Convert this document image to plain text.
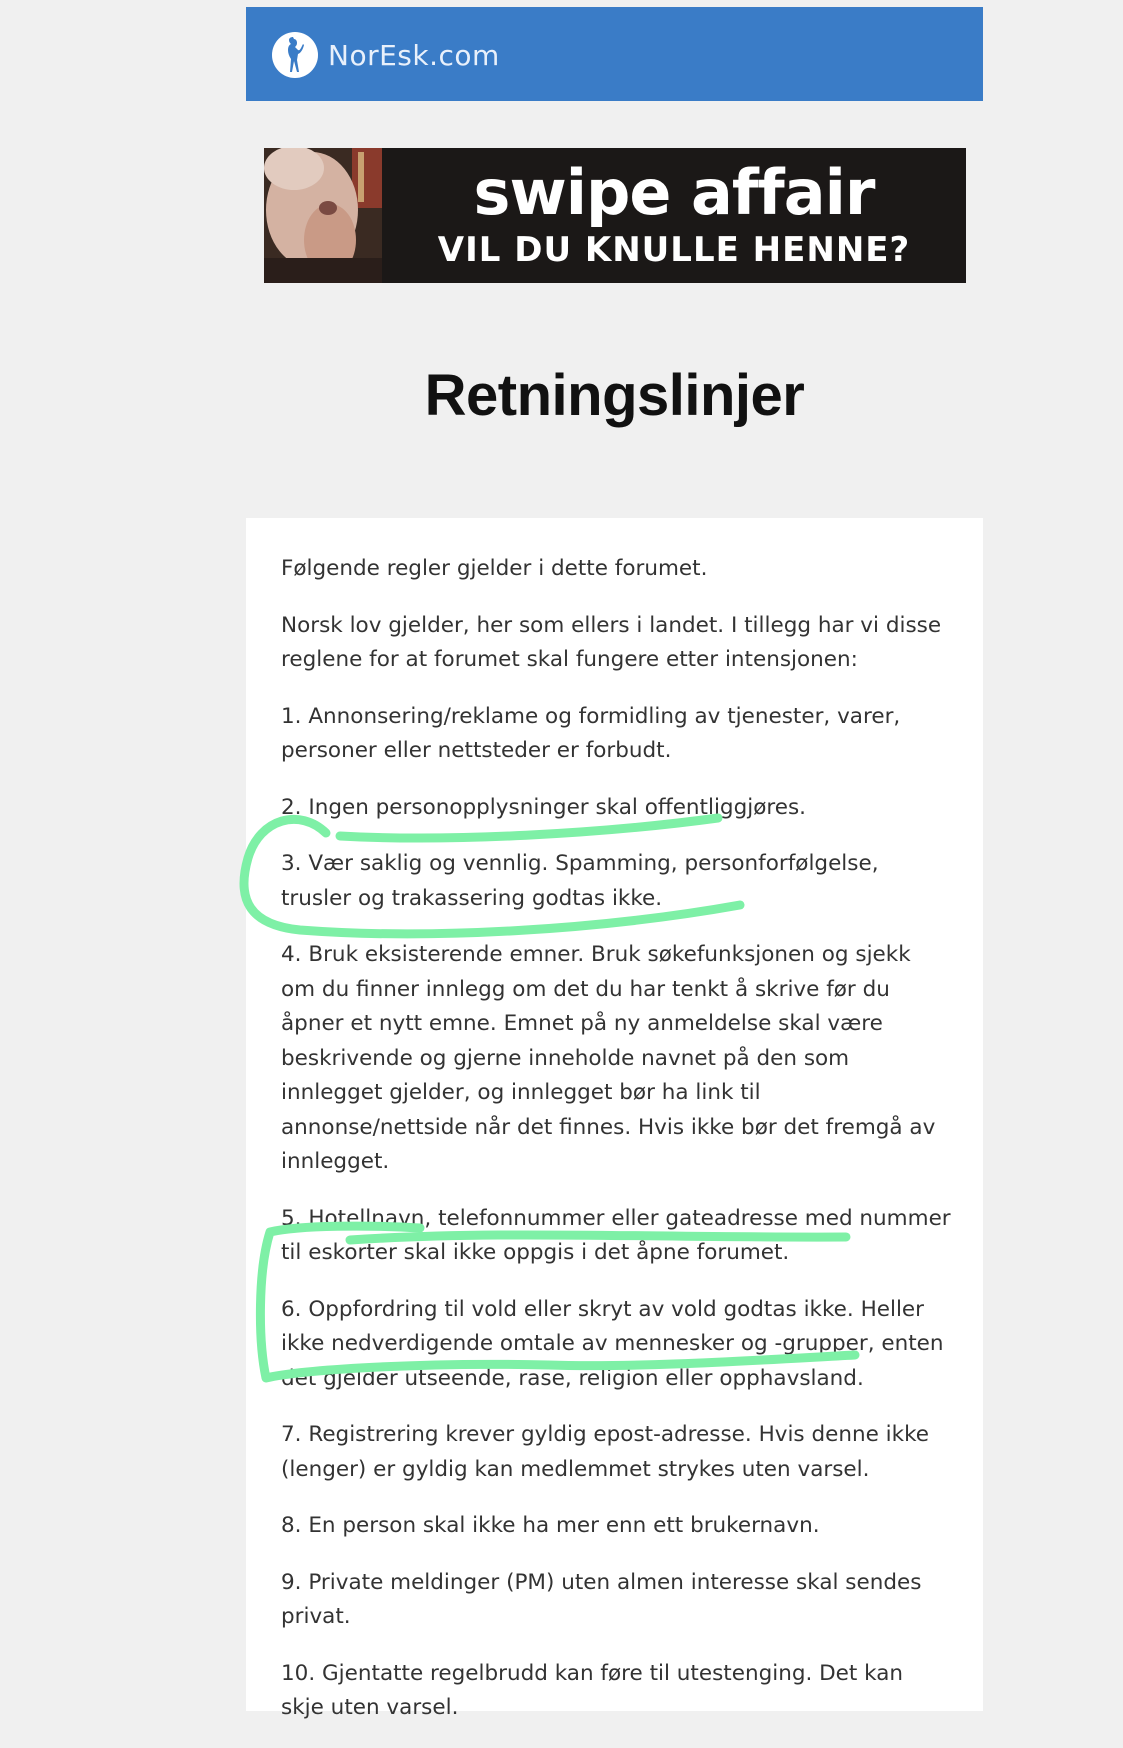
NorEsk.com
swipe affair
VIL DU KNULLE HENNE?
Retningslinjer

Følgende regler gjelder i dette forumet.

Norsk lov gjelder, her som ellers i landet. I tillegg har vi disse reglene for at forumet skal fungere etter intensjonen:

1. Annonsering/reklame og formidling av tjenester, varer, personer eller nettsteder er forbudt.

2. Ingen personopplysninger skal offentliggjøres.

3. Vær saklig og vennlig. Spamming, personforfølgelse, trusler og trakassering godtas ikke.

4. Bruk eksisterende emner. Bruk søkefunksjonen og sjekk om du finner innlegg om det du har tenkt å skrive før du åpner et nytt emne. Emnet på ny anmeldelse skal være beskrivende og gjerne inneholde navnet på den som innlegget gjelder, og innlegget bør ha link til annonse/nettside når det finnes. Hvis ikke bør det fremgå av innlegget.

5. Hotellnavn, telefonnummer eller gateadresse med nummer til eskorter skal ikke oppgis i det åpne forumet.

6. Oppfordring til vold eller skryt av vold godtas ikke. Heller ikke nedverdigende omtale av mennesker og -grupper, enten det gjelder utseende, rase, religion eller opphavsland.

7. Registrering krever gyldig epost-adresse. Hvis denne ikke (lenger) er gyldig kan medlemmet strykes uten varsel.

8. En person skal ikke ha mer enn ett brukernavn.

9. Private meldinger (PM) uten almen interesse skal sendes privat.

10. Gjentatte regelbrudd kan føre til utestenging. Det kan skje uten varsel.
